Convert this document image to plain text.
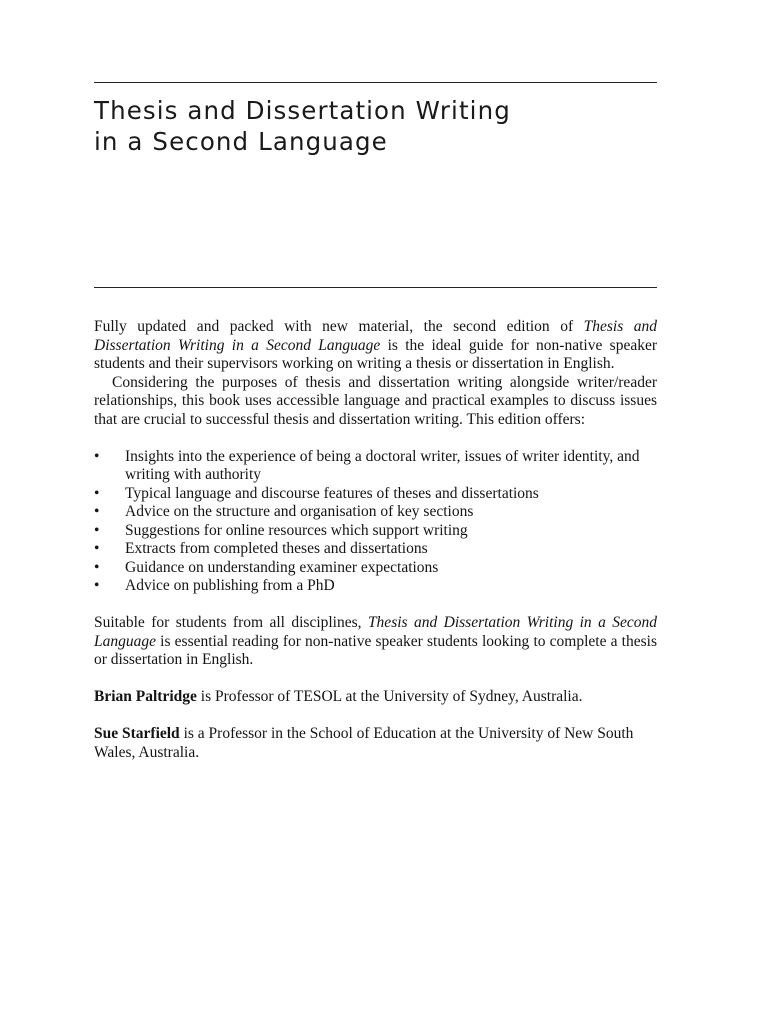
Thesis and Dissertation Writing
in a Second Language

Fully updated and packed with new material, the second edition of Thesis and Dissertation Writing in a Second Language is the ideal guide for non-native speaker students and their supervisors working on writing a thesis or dissertation in English.

Considering the purposes of thesis and dissertation writing alongside writer/reader relationships, this book uses accessible language and practical examples to discuss issues that are crucial to successful thesis and dissertation writing. This edition offers:

• Insights into the experience of being a doctoral writer, issues of writer identity, and writing with authority
• Typical language and discourse features of theses and dissertations
• Advice on the structure and organisation of key sections
• Suggestions for online resources which support writing
• Extracts from completed theses and dissertations
• Guidance on understanding examiner expectations
• Advice on publishing from a PhD

Suitable for students from all disciplines, Thesis and Dissertation Writing in a Second Language is essential reading for non-native speaker students looking to complete a thesis or dissertation in English.

Brian Paltridge is Professor of TESOL at the University of Sydney, Australia.

Sue Starfield is a Professor in the School of Education at the University of New South Wales, Australia.
